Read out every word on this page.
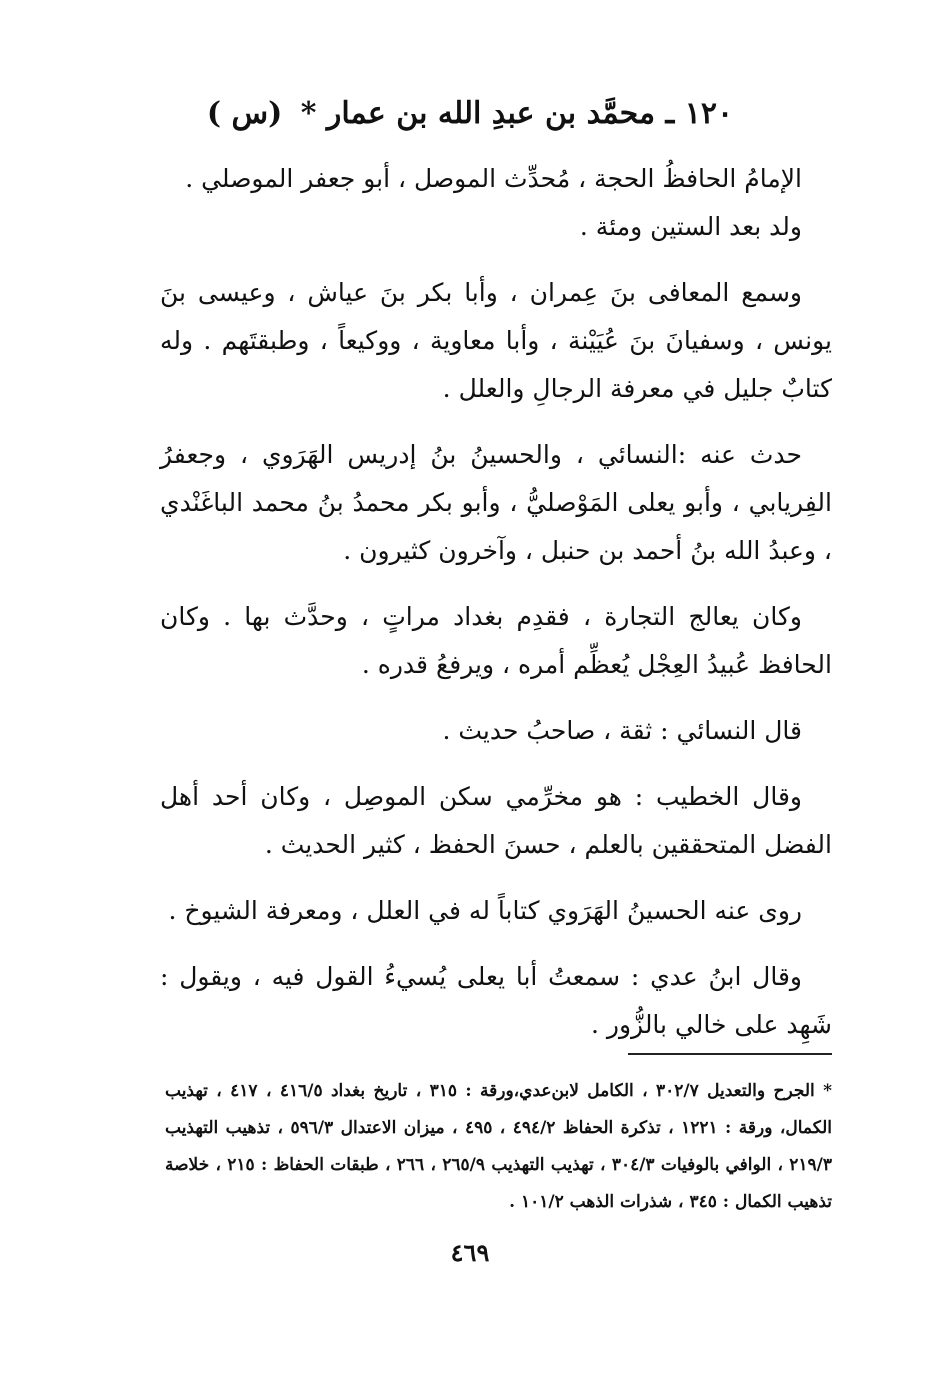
١٢٠ ـ محمَّد بن عبدِ الله بن عمار * (س )

الإمامُ الحافظُ الحجة ، مُحدِّث الموصل ، أبو جعفر الموصلي .

ولد بعد الستين ومئة .

وسمع المعافى بنَ عِمران ، وأبا بكر بنَ عياش ، وعيسى بنَ يونس ، وسفيانَ بنَ عُيَيْنة ، وأبا معاوية ، ووكيعاً ، وطبقتَهم . وله كتابٌ جليل في معرفة الرجالِ والعلل .

حدث عنه :النسائي ، والحسينُ بنُ إدريس الهَرَوي ، وجعفرُ الفِريابي ، وأبو يعلى المَوْصليُّ ، وأبو بكر محمدُ بنُ محمد الباغَنْدي ، وعبدُ الله بنُ أحمد بن حنبل ، وآخرون كثيرون .

وكان يعالج التجارة ، فقدِم بغداد مراتٍ ، وحدَّث بها . وكان الحافظ عُبيدُ العِجْل يُعظِّم أمره ، ويرفعُ قدره .

قال النسائي : ثقة ، صاحبُ حديث .

وقال الخطيب : هو مخرِّمي سكن الموصِل ، وكان أحد أهل الفضل المتحققين بالعلم ، حسنَ الحفظ ، كثير الحديث .

روى عنه الحسينُ الهَرَوي كتاباً له في العلل ، ومعرفة الشيوخ .

وقال ابنُ عدي : سمعتُ أبا يعلى يُسيءُ القول فيه ، ويقول : شَهِد على خالي بالزُّور .

* الجرح والتعديل ٣٠٢/٧ ، الكامل لابن‌عدي،ورقة : ٣١٥ ، تاريخ بغداد ٤١٦/٥ ، ٤١٧ ، تهذيب الكمال، ورقة : ١٢٢١ ، تذكرة الحفاظ ٤٩٤/٢ ، ٤٩٥ ، ميزان الاعتدال ٥٩٦/٣ ، تذهيب التهذيب ٢١٩/٣ ، الوافي بالوفيات ٣٠٤/٣ ، تهذيب التهذيب ٢٦٥/٩ ، ٢٦٦ ، طبقات الحفاظ : ٢١٥ ، خلاصة تذهيب الكمال : ٣٤٥ ، شذرات الذهب ١٠١/٢ .
٤٦٩
